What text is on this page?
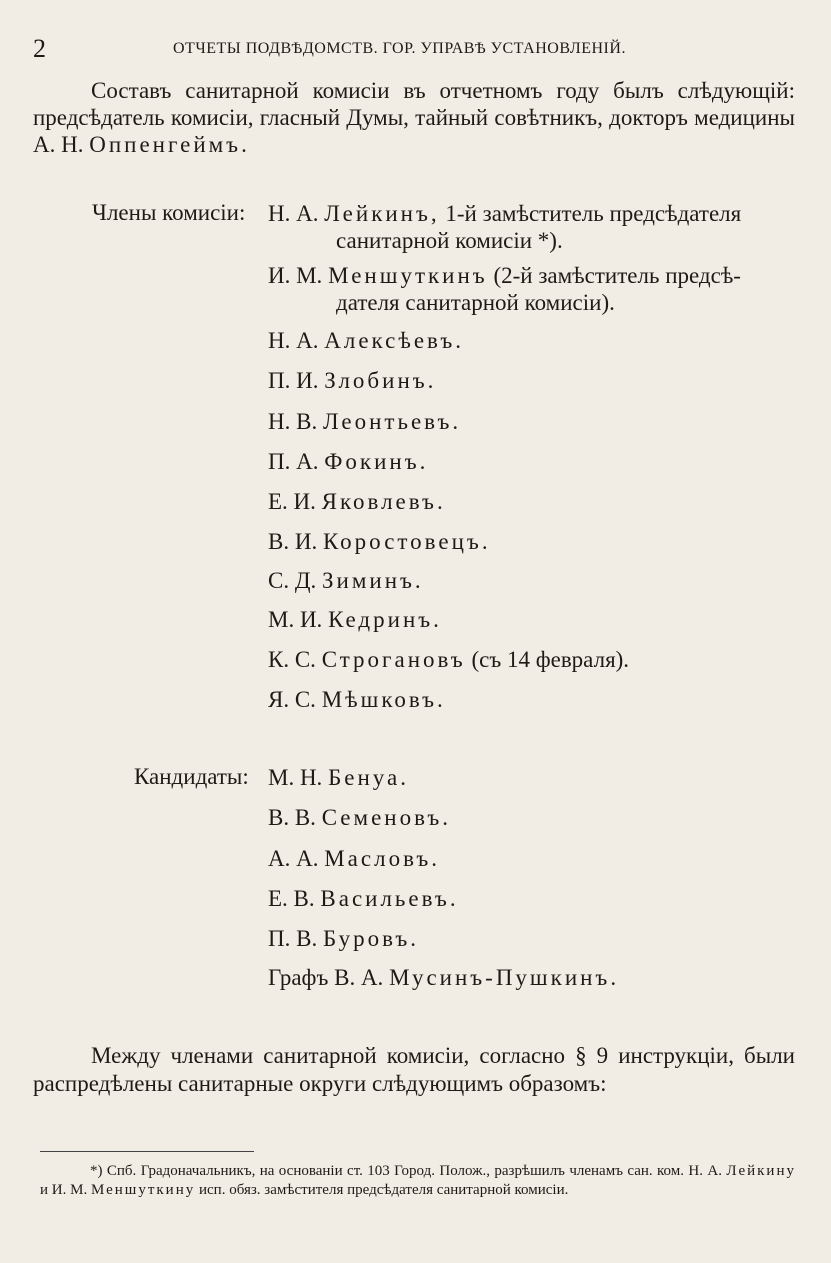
2	ОТЧЕТЫ ПОДВѢДОМСТВ. ГОР. УПРАВѢ УСТАНОВЛЕНІЙ.

Составъ санитарной комисіи въ отчетномъ году былъ слѣдующій: предсѣдатель комисіи, гласный Думы, тайный совѣтникъ, докторъ медицины А. Н. Оппенгеймъ.

Члены комисіи: Н. А. Лейкинъ, 1-й замѣститель предсѣдателя
санитарной комисіи *).
И. М. Меншуткинъ (2-й замѣститель предсѣ-
дателя санитарной комисіи).
Н. А. Алексѣевъ.
П. И. Злобинъ.
Н. В. Леонтьевъ.
П. А. Фокинъ.
Е. И. Яковлевъ.
В. И. Коростовецъ.
С. Д. Зиминъ.
М. И. Кедринъ.
К. С. Строгановъ (съ 14 февраля).
Я. С. Мѣшковъ.
Кандидаты: М. Н. Бенуа.
В. В. Семеновъ.
А. А. Масловъ.
Е. В. Васильевъ.
П. В. Буровъ.
Графъ В. А. Мусинъ-Пушкинъ.

Между членами санитарной комисіи, согласно § 9 инструкціи, были распредѣлены санитарные округи слѣдующимъ образомъ:

*) Спб. Градоначальникъ, на основаніи ст. 103 Город. Полож., разрѣшилъ членамъ сан. ком. Н. А. Лейкину и И. М. Меншуткину исп. обяз. замѣстителя предсѣдателя санитарной комисіи.
